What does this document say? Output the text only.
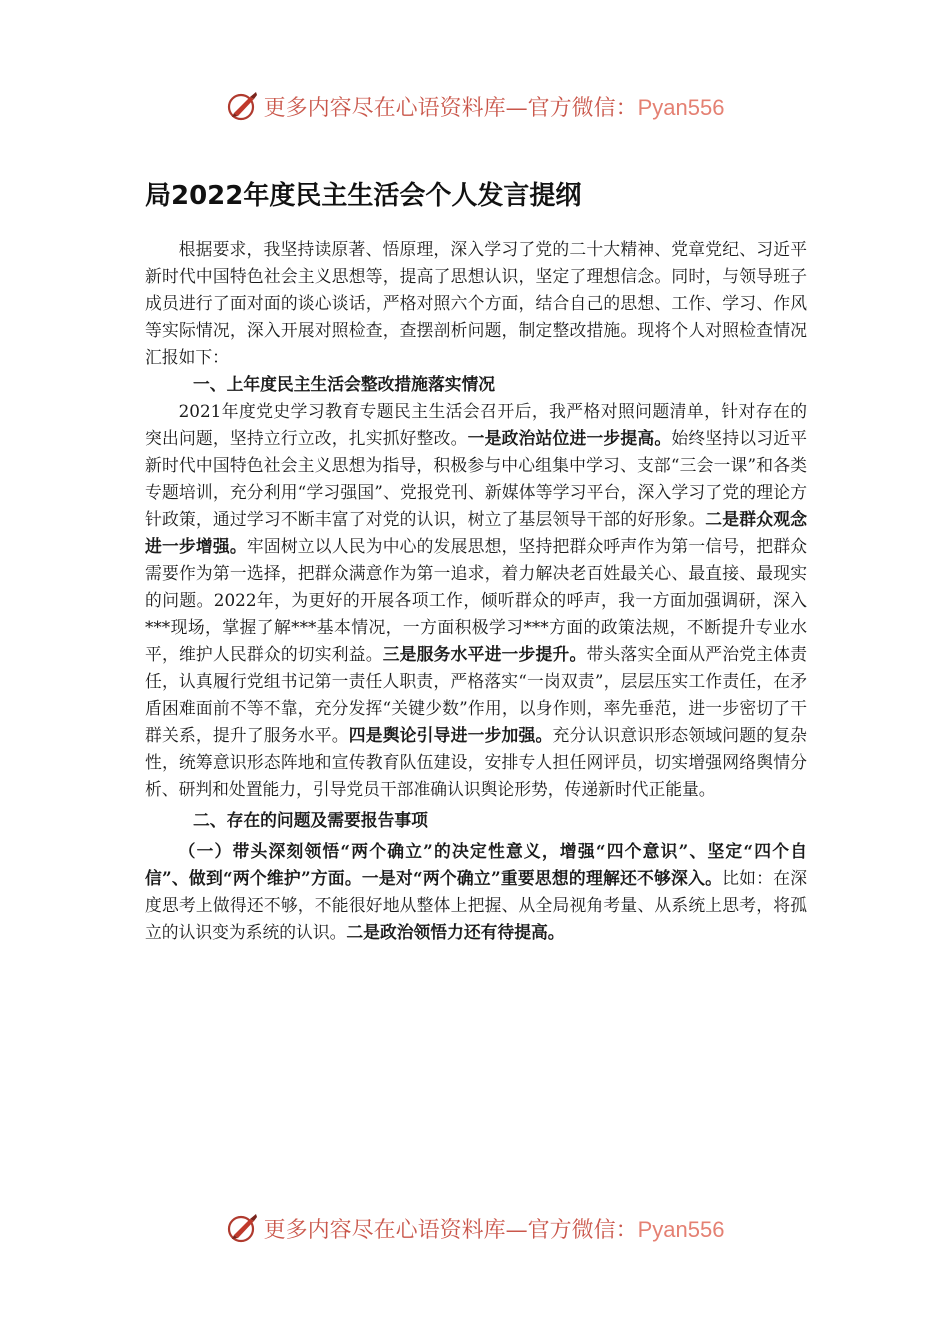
更多内容尽在心语资料库—官方微信：Pyan556
局2022年度民主生活会个人发言提纲

根据要求，我坚持读原著、悟原理，深入学习了党的二十大精神、党章党纪、习近平新时代中国特色社会主义思想等，提高了思想认识，坚定了理想信念。同时，与领导班子成员进行了面对面的谈心谈话，严格对照六个方面，结合自己的思想、工作、学习、作风等实际情况，深入开展对照检查，查摆剖析问题，制定整改措施。现将个人对照检查情况汇报如下：

一、上年度民主生活会整改措施落实情况

2021年度党史学习教育专题民主生活会召开后，我严格对照问题清单，针对存在的突出问题，坚持立行立改，扎实抓好整改。一是政治站位进一步提高。始终坚持以习近平新时代中国特色社会主义思想为指导，积极参与中心组集中学习、支部“三会一课”和各类专题培训，充分利用“学习强国”、党报党刊、新媒体等学习平台，深入学习了党的理论方针政策，通过学习不断丰富了对党的认识，树立了基层领导干部的好形象。二是群众观念进一步增强。牢固树立以人民为中心的发展思想，坚持把群众呼声作为第一信号，把群众需要作为第一选择，把群众满意作为第一追求，着力解决老百姓最关心、最直接、最现实的问题。2022年，为更好的开展各项工作，倾听群众的呼声，我一方面加强调研，深入***现场，掌握了解***基本情况，一方面积极学习***方面的政策法规，不断提升专业水平，维护人民群众的切实利益。三是服务水平进一步提升。带头落实全面从严治党主体责任，认真履行党组书记第一责任人职责，严格落实“一岗双责”，层层压实工作责任，在矛盾困难面前不等不靠，充分发挥“关键少数”作用，以身作则，率先垂范，进一步密切了干群关系，提升了服务水平。四是舆论引导进一步加强。充分认识意识形态领域问题的复杂性，统筹意识形态阵地和宣传教育队伍建设，安排专人担任网评员，切实增强网络舆情分析、研判和处置能力，引导党员干部准确认识舆论形势，传递新时代正能量。

二、存在的问题及需要报告事项

（一）带头深刻领悟“两个确立”的决定性意义，增强“四个意识”、坚定“四个自信”、做到“两个维护”方面。一是对“两个确立”重要思想的理解还不够深入。比如：在深度思考上做得还不够，不能很好地从整体上把握、从全局视角考量、从系统上思考，将孤立的认识变为系统的认识。二是政治领悟力还有待提高。

更多内容尽在心语资料库—官方微信：Pyan556
